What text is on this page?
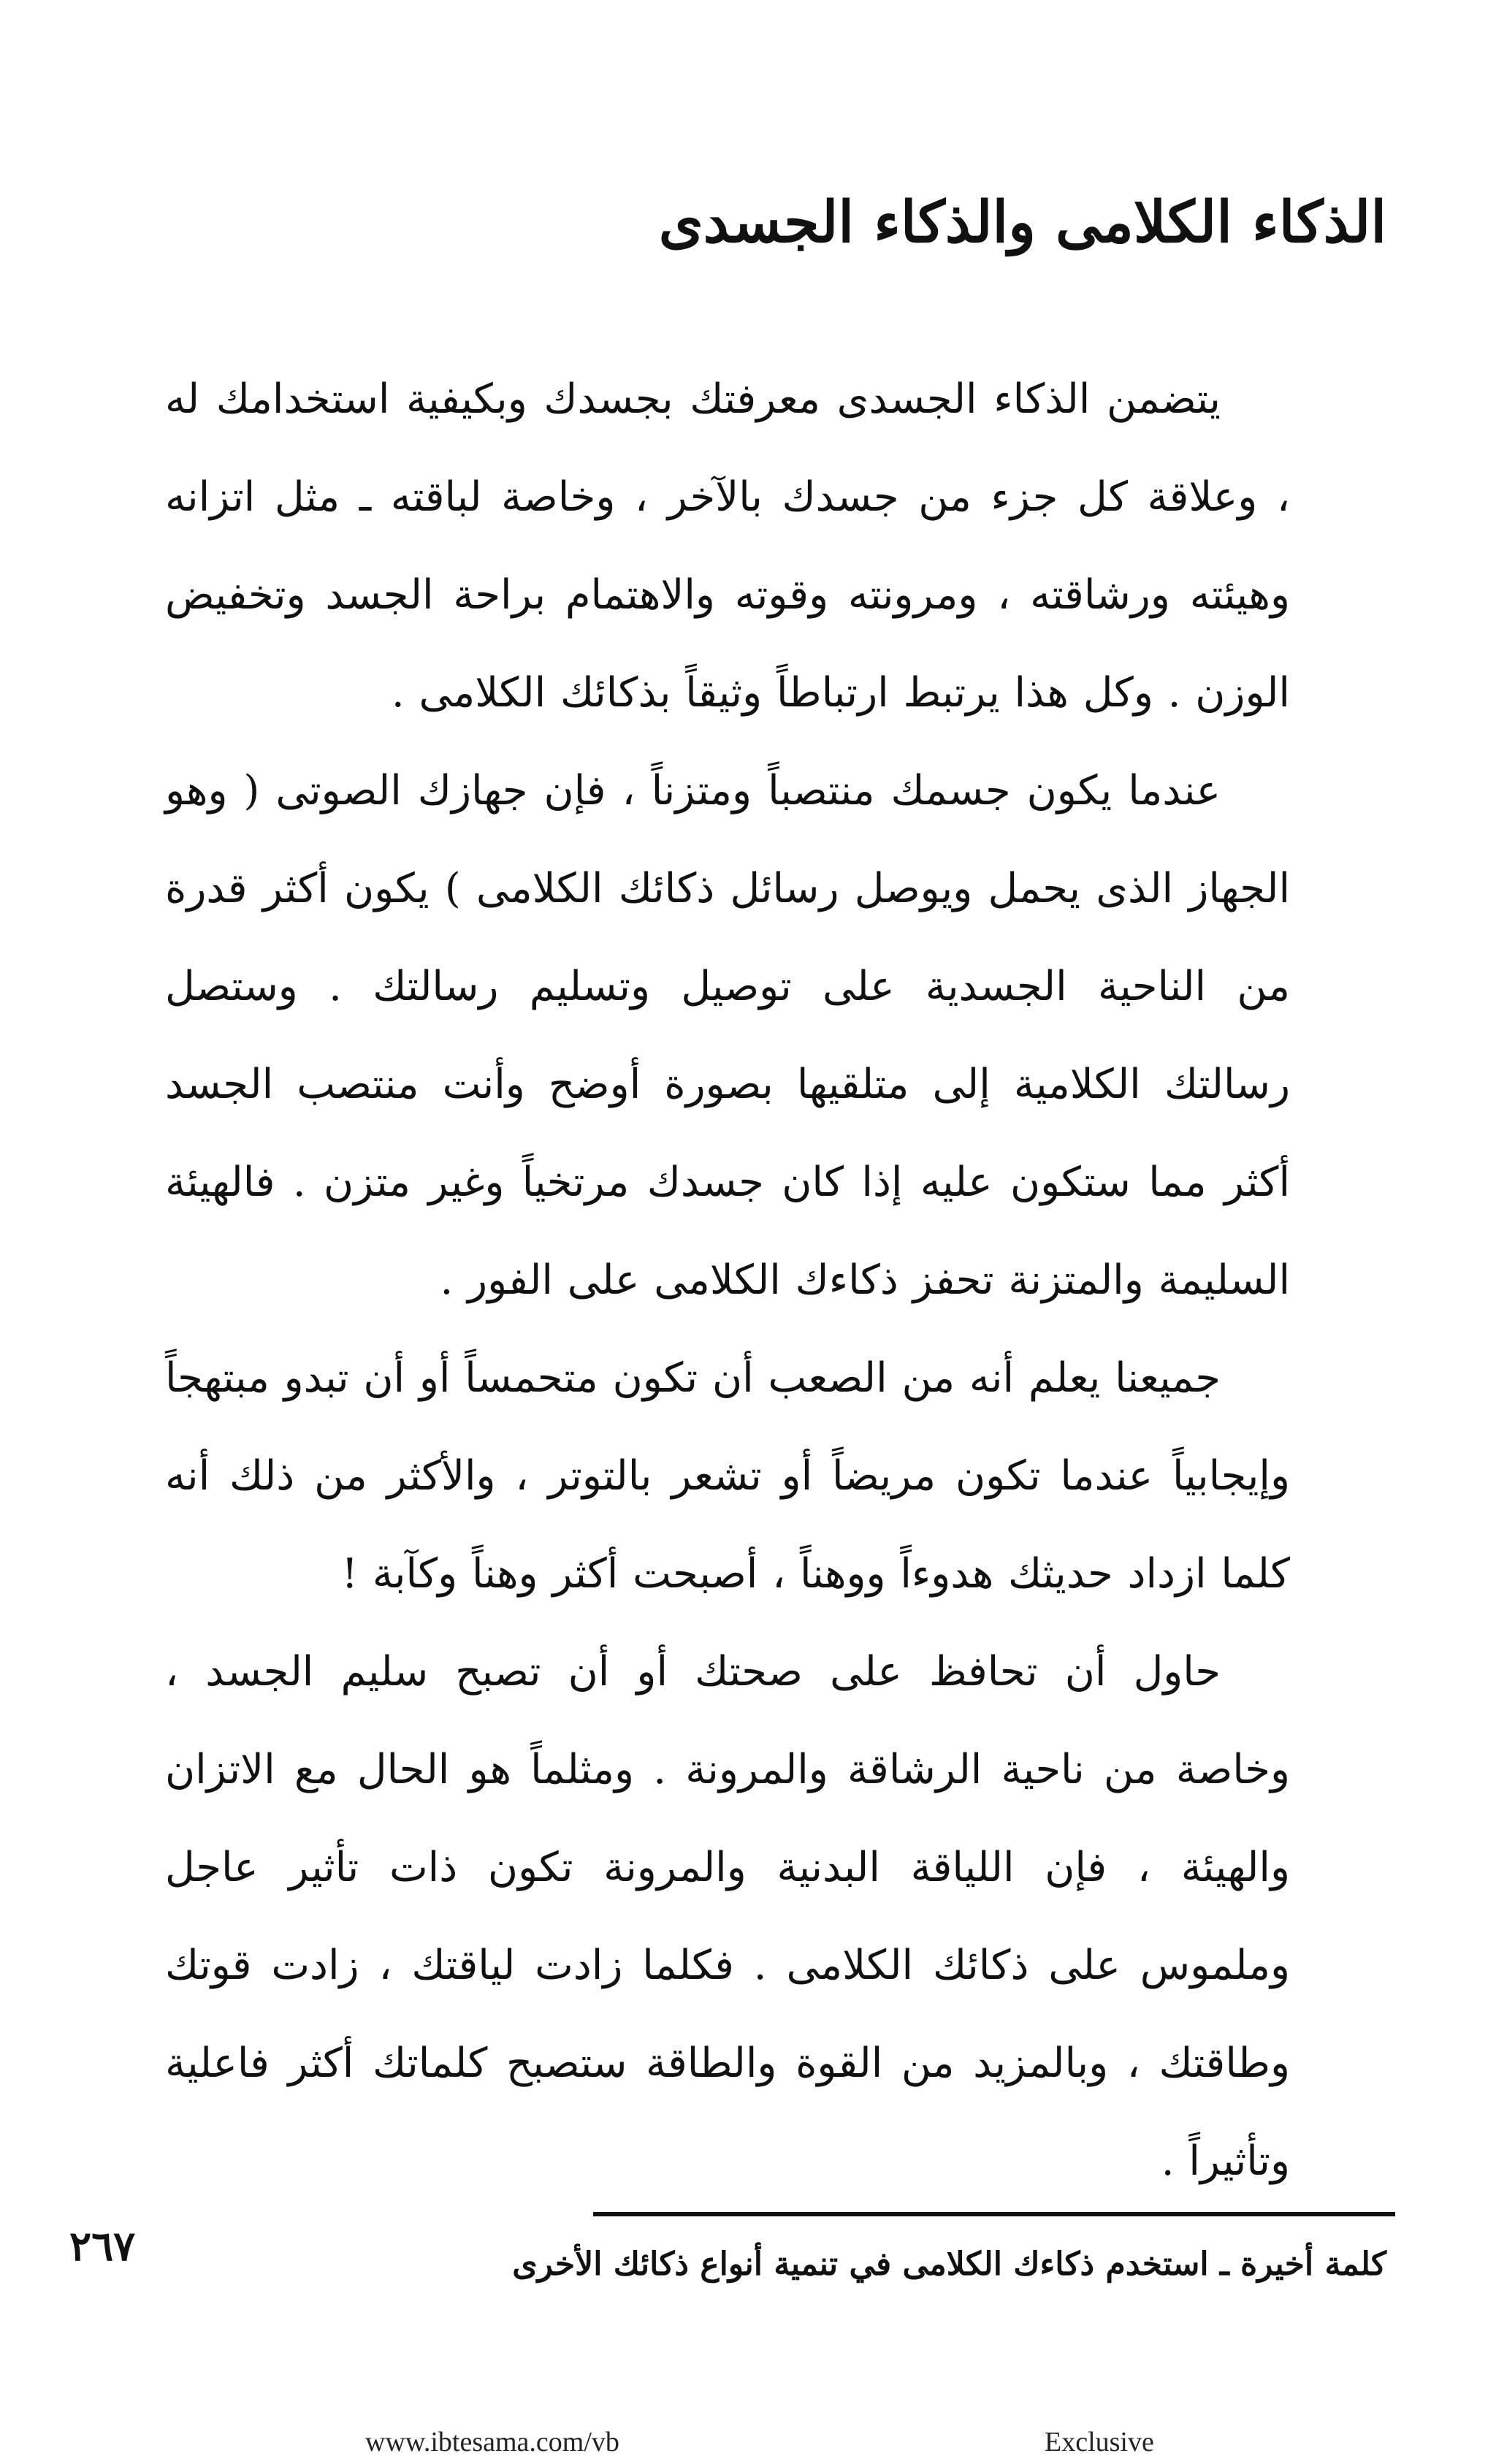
الذكاء الكلامى والذكاء الجسدى

يتضمن الذكاء الجسدى معرفتك بجسدك وبكيفية استخدامك له ، وعلاقة كل جزء من جسدك بالآخر ، وخاصة لباقته ـ مثل اتزانه وهيئته ورشاقته ، ومرونته وقوته والاهتمام براحة الجسد وتخفيض الوزن . وكل هذا يرتبط ارتباطاً وثيقاً بذكائك الكلامى .

عندما يكون جسمك منتصباً ومتزناً ، فإن جهازك الصوتى ( وهو الجهاز الذى يحمل ويوصل رسائل ذكائك الكلامى ) يكون أكثر قدرة من الناحية الجسدية على توصيل وتسليم رسالتك . وستصل رسالتك الكلامية إلى متلقيها بصورة أوضح وأنت منتصب الجسد أكثر مما ستكون عليه إذا كان جسدك مرتخياً وغير متزن . فالهيئة السليمة والمتزنة تحفز ذكاءك الكلامى على الفور .

جميعنا يعلم أنه من الصعب أن تكون متحمساً أو أن تبدو مبتهجاً وإيجابياً عندما تكون مريضاً أو تشعر بالتوتر ، والأكثر من ذلك أنه كلما ازداد حديثك هدوءاً ووهناً ، أصبحت أكثر وهناً وكآبة !

حاول أن تحافظ على صحتك أو أن تصبح سليم الجسد ، وخاصة من ناحية الرشاقة والمرونة . ومثلماً هو الحال مع الاتزان والهيئة ، فإن اللياقة البدنية والمرونة تكون ذات تأثير عاجل وملموس على ذكائك الكلامى . فكلما زادت لياقتك ، زادت قوتك وطاقتك ، وبالمزيد من القوة والطاقة ستصبح كلماتك أكثر فاعلية وتأثيراً .

٢٦٧	كلمة أخيرة ـ استخدم ذكاءك الكلامى في تنمية أنواع ذكائك الأخرى
www.ibtesama.com/vb	Exclusive
